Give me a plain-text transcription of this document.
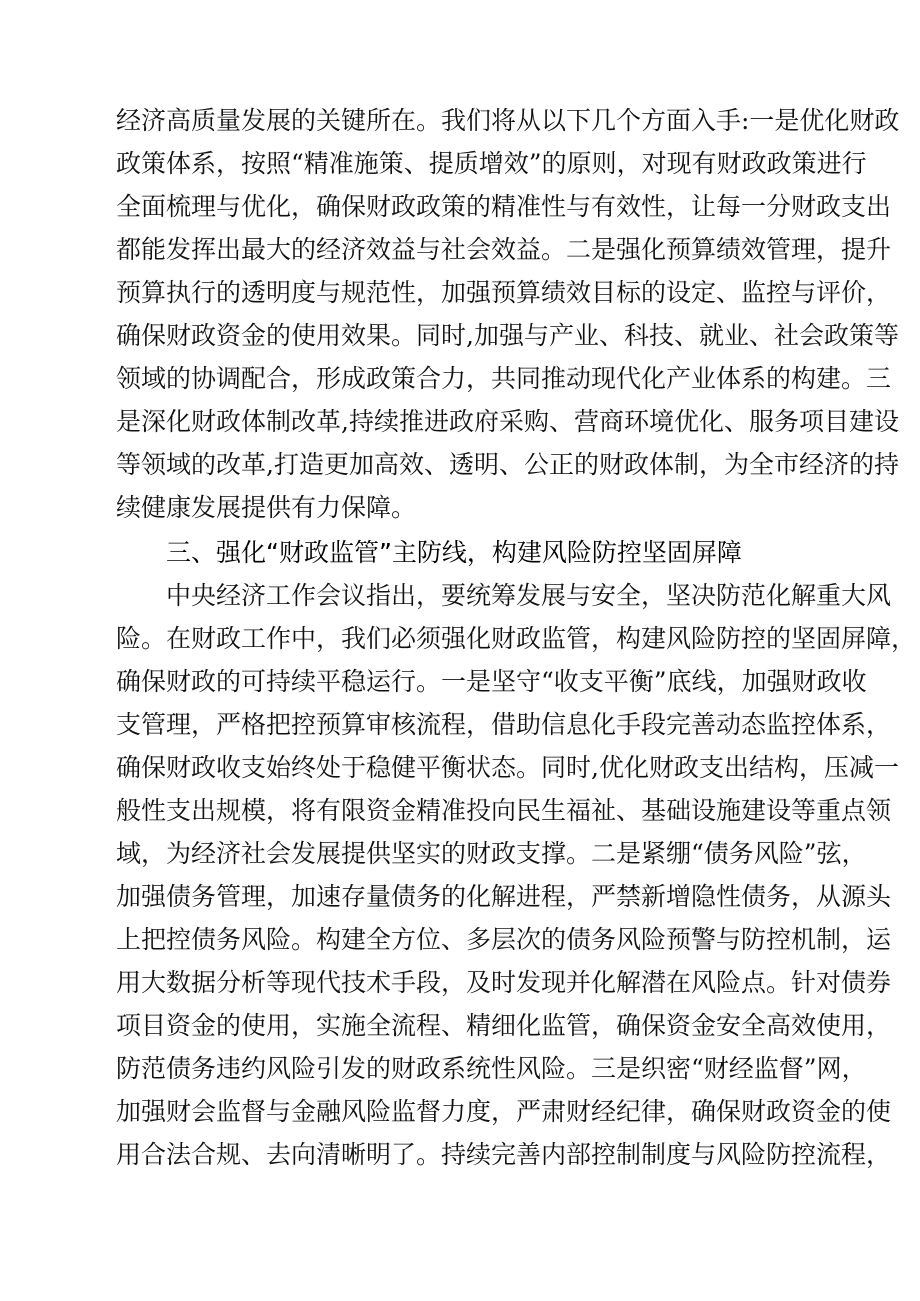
经济高质量发展的关键所在。我们将从以下几个方面入手:一是优化财政
政策体系，按照“精准施策、提质增效”的原则，对现有财政政策进行
全面梳理与优化，确保财政政策的精准性与有效性，让每一分财政支出
都能发挥出最大的经济效益与社会效益。二是强化预算绩效管理，提升
预算执行的透明度与规范性，加强预算绩效目标的设定、监控与评价，
确保财政资金的使用效果。同时,加强与产业、科技、就业、社会政策等
领域的协调配合，形成政策合力，共同推动现代化产业体系的构建。三
是深化财政体制改革,持续推进政府采购、营商环境优化、服务项目建设
等领域的改革,打造更加高效、透明、公正的财政体制，为全市经济的持
续健康发展提供有力保障。
三、强化“财政监管”主防线，构建风险防控坚固屏障
中央经济工作会议指出，要统筹发展与安全，坚决防范化解重大风
险。在财政工作中，我们必须强化财政监管，构建风险防控的坚固屏障，
确保财政的可持续平稳运行。一是坚守“收支平衡”底线，加强财政收
支管理，严格把控预算审核流程，借助信息化手段完善动态监控体系，
确保财政收支始终处于稳健平衡状态。同时,优化财政支出结构，压减一
般性支出规模，将有限资金精准投向民生福祉、基础设施建设等重点领
域，为经济社会发展提供坚实的财政支撑。二是紧绷“债务风险”弦，
加强债务管理，加速存量债务的化解进程，严禁新增隐性债务，从源头
上把控债务风险。构建全方位、多层次的债务风险预警与防控机制，运
用大数据分析等现代技术手段，及时发现并化解潜在风险点。针对债券
项目资金的使用，实施全流程、精细化监管，确保资金安全高效使用，
防范债务违约风险引发的财政系统性风险。三是织密“财经监督”网，
加强财会监督与金融风险监督力度，严肃财经纪律，确保财政资金的使
用合法合规、去向清晰明了。持续完善内部控制制度与风险防控流程，
